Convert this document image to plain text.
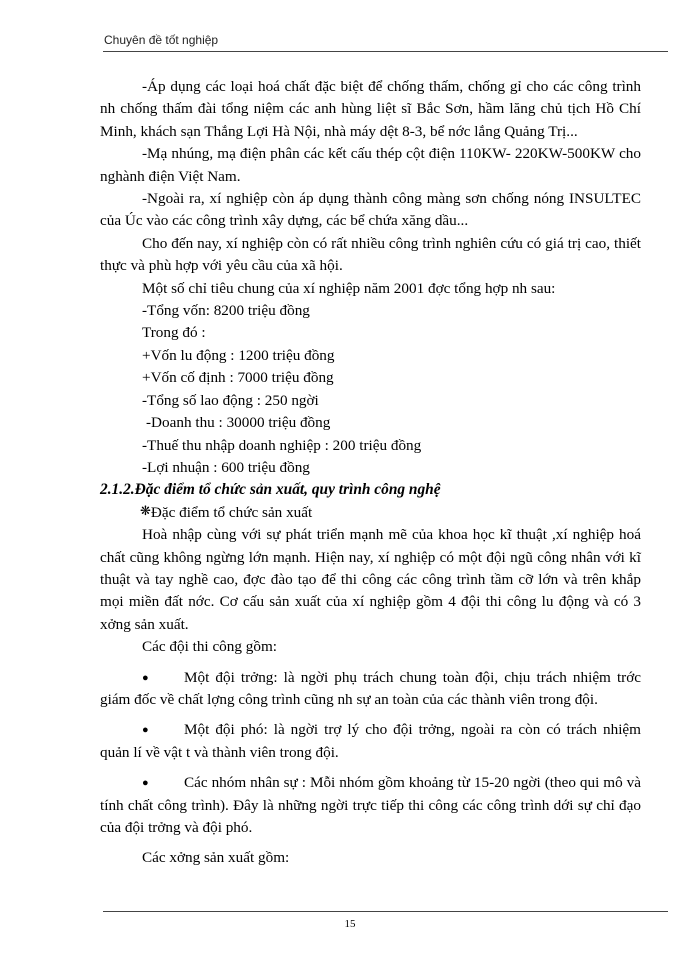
Chuyên đề tốt nghiệp

-Áp dụng các loại hoá chất đặc biệt để chống thấm, chống gỉ cho các công trình nh chống thấm đài tổng niệm các anh hùng liệt sĩ Bắc Sơn, hầm lăng chủ tịch Hồ Chí Minh, khách sạn Thắng Lợi Hà Nội, nhà máy dệt 8-3, bể nớc lắng Quảng Trị...

-Mạ nhúng, mạ điện phân các kết cấu thép cột điện 110KW- 220KW-500KW cho nghành điện Việt Nam.

-Ngoài ra, xí nghiệp còn áp dụng thành công màng sơn chống nóng INSULTEC của Úc vào các công trình xây dựng, các bể chứa xăng dầu...

Cho đến nay, xí nghiệp còn có rất nhiều công trình nghiên cứu có giá trị cao, thiết thực và phù hợp với yêu cầu của xã hội.

Một số chỉ tiêu chung của xí nghiệp năm 2001 đợc tổng hợp nh sau:

-Tổng vốn: 8200 triệu đồng

Trong đó :

+Vốn lu động : 1200 triệu đồng

+Vốn cố định : 7000 triệu đồng

-Tổng số lao động : 250 ngời

-Doanh thu : 30000 triệu đồng

-Thuế thu nhập doanh nghiệp : 200 triệu đồng

-Lợi nhuận : 600 triệu đồng

2.1.2.Đặc điểm tổ chức sản xuất, quy trình công nghệ

❋Đặc điểm tổ chức sản xuất

Hoà nhập cùng với sự phát triển mạnh mẽ của khoa học kĩ thuật ,xí nghiệp hoá chất cũng không ngừng lớn mạnh. Hiện nay, xí nghiệp có một đội ngũ công nhân với kĩ thuật và tay nghề cao, đợc đào tạo để thi công các công trình tầm cỡ lớn và trên khắp mọi miền đất nớc. Cơ cấu sản xuất của xí nghiệp gồm 4 đội thi công lu động và có 3 xởng sản xuất.

Các đội thi công gồm:

● Một đội trởng: là ngời phụ trách chung toàn đội, chịu trách nhiệm trớc giám đốc về chất lợng công trình cũng nh sự an toàn của các thành viên trong đội.

● Một đội phó: là ngời trợ lý cho đội trởng, ngoài ra còn có trách nhiệm quản lí về vật t và thành viên trong đội.

● Các nhóm nhân sự : Mỗi nhóm gồm khoảng từ 15-20 ngời (theo qui mô và tính chất công trình). Đây là những ngời trực tiếp thi công các công trình dới sự chỉ đạo của đội trởng và đội phó.

Các xởng sản xuất gồm:

15
